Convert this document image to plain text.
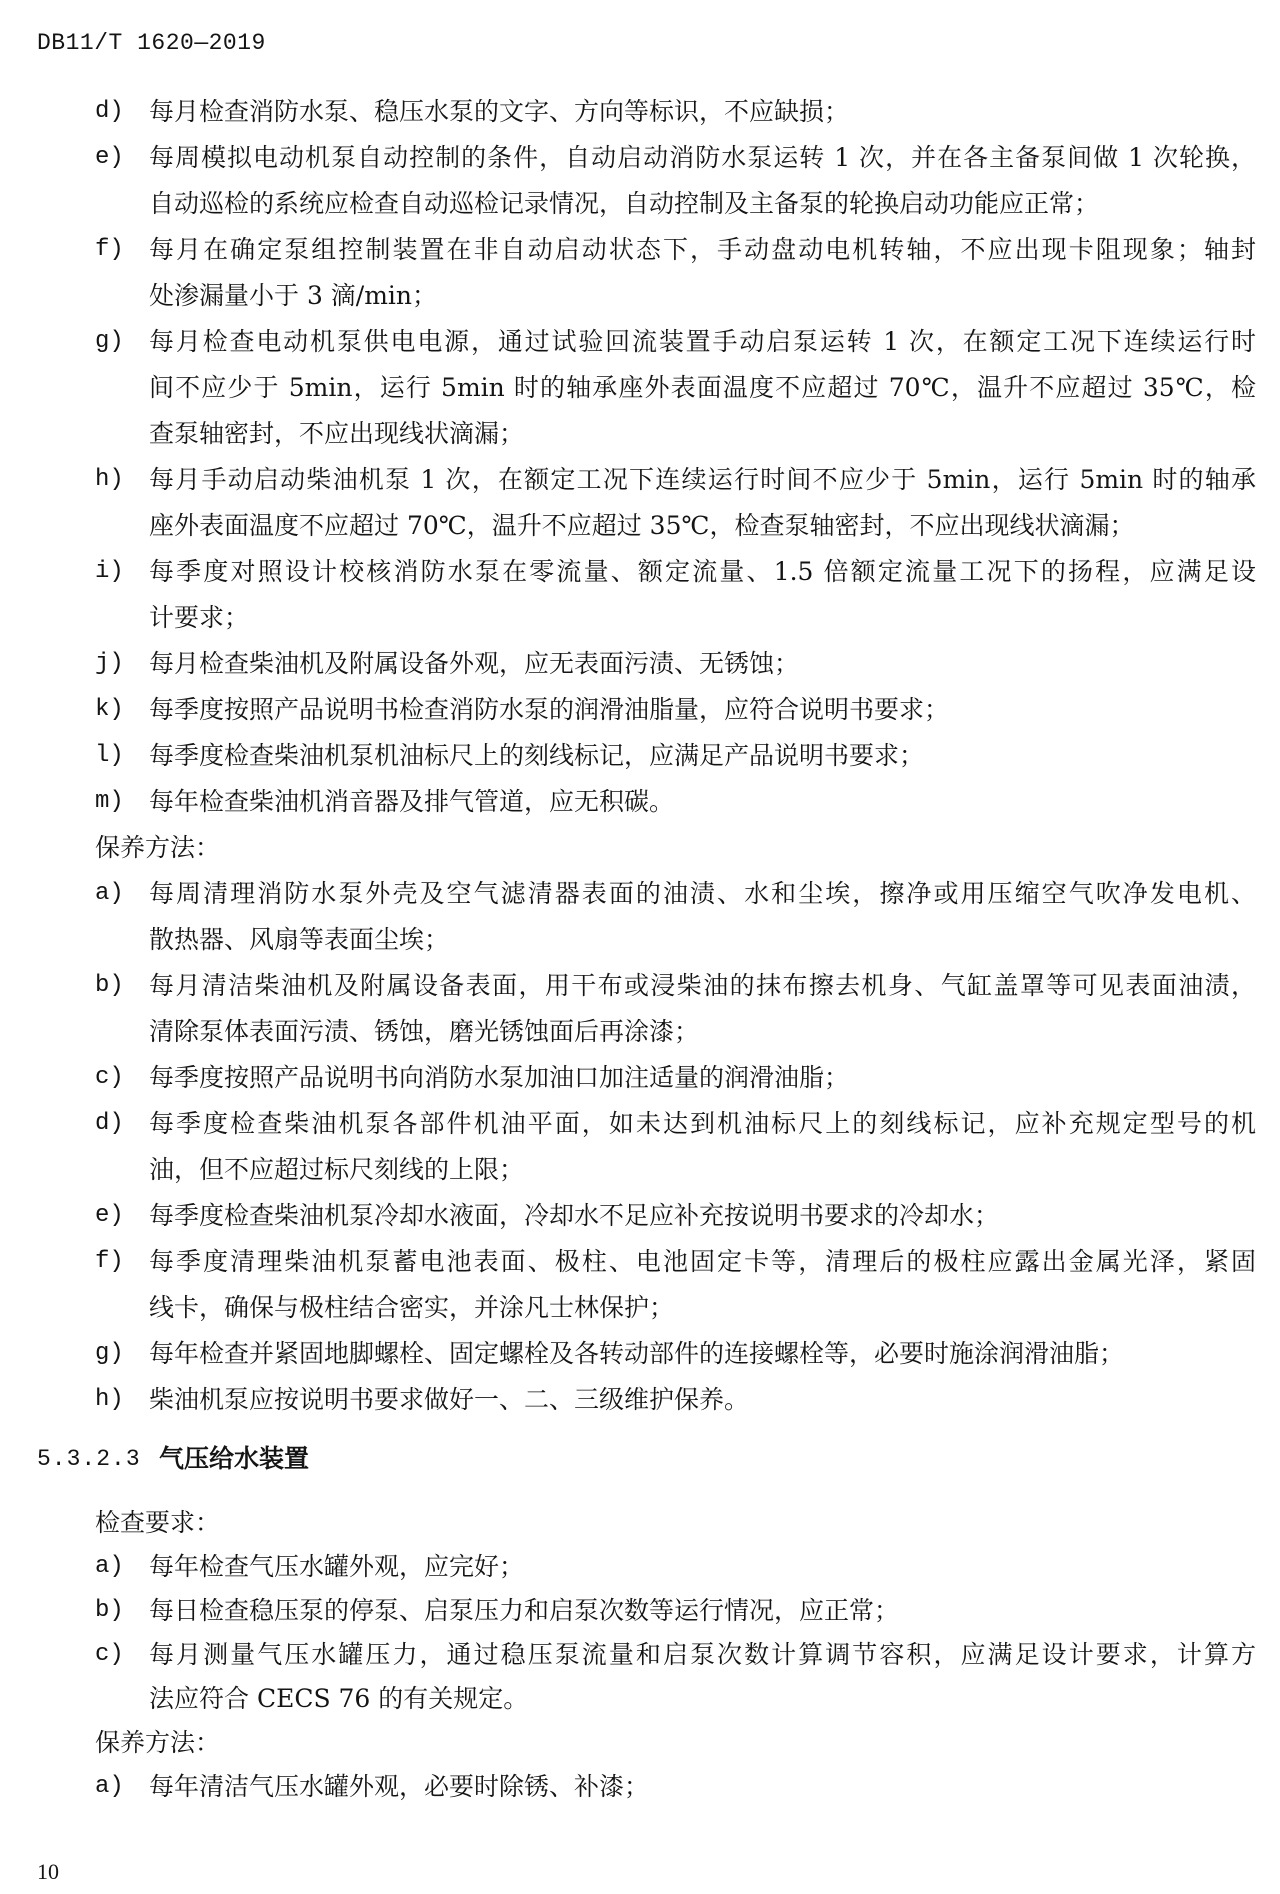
DB11/T 1620—2019
d) 每月检查消防水泵、稳压水泵的文字、方向等标识，不应缺损；
e) 每周模拟电动机泵自动控制的条件，自动启动消防水泵运转 1 次，并在各主备泵间做 1 次轮换，
自动巡检的系统应检查自动巡检记录情况，自动控制及主备泵的轮换启动功能应正常；
f) 每月在确定泵组控制装置在非自动启动状态下，手动盘动电机转轴，不应出现卡阻现象；轴封
处渗漏量小于 3 滴/min；
g) 每月检查电动机泵供电电源，通过试验回流装置手动启泵运转 1 次，在额定工况下连续运行时
间不应少于 5min，运行 5min 时的轴承座外表面温度不应超过 70℃，温升不应超过 35℃，检
查泵轴密封，不应出现线状滴漏；
h) 每月手动启动柴油机泵 1 次，在额定工况下连续运行时间不应少于 5min，运行 5min 时的轴承
座外表面温度不应超过 70℃，温升不应超过 35℃，检查泵轴密封，不应出现线状滴漏；
i) 每季度对照设计校核消防水泵在零流量、额定流量、1.5 倍额定流量工况下的扬程，应满足设
计要求；
j) 每月检查柴油机及附属设备外观，应无表面污渍、无锈蚀；
k) 每季度按照产品说明书检查消防水泵的润滑油脂量，应符合说明书要求；
l) 每季度检查柴油机泵机油标尺上的刻线标记，应满足产品说明书要求；
m) 每年检查柴油机消音器及排气管道，应无积碳。
保养方法：
a) 每周清理消防水泵外壳及空气滤清器表面的油渍、水和尘埃，擦净或用压缩空气吹净发电机、
散热器、风扇等表面尘埃；
b) 每月清洁柴油机及附属设备表面，用干布或浸柴油的抹布擦去机身、气缸盖罩等可见表面油渍，
清除泵体表面污渍、锈蚀，磨光锈蚀面后再涂漆；
c) 每季度按照产品说明书向消防水泵加油口加注适量的润滑油脂；
d) 每季度检查柴油机泵各部件机油平面，如未达到机油标尺上的刻线标记，应补充规定型号的机
油，但不应超过标尺刻线的上限；
e) 每季度检查柴油机泵冷却水液面，冷却水不足应补充按说明书要求的冷却水；
f) 每季度清理柴油机泵蓄电池表面、极柱、电池固定卡等，清理后的极柱应露出金属光泽，紧固
线卡，确保与极柱结合密实，并涂凡士林保护；
g) 每年检查并紧固地脚螺栓、固定螺栓及各转动部件的连接螺栓等，必要时施涂润滑油脂；
h) 柴油机泵应按说明书要求做好一、二、三级维护保养。
5.3.2.3 气压给水装置
检查要求：
a) 每年检查气压水罐外观，应完好；
b) 每日检查稳压泵的停泵、启泵压力和启泵次数等运行情况，应正常；
c) 每月测量气压水罐压力，通过稳压泵流量和启泵次数计算调节容积，应满足设计要求，计算方
法应符合 CECS 76 的有关规定。
保养方法：
a) 每年清洁气压水罐外观，必要时除锈、补漆；
10
